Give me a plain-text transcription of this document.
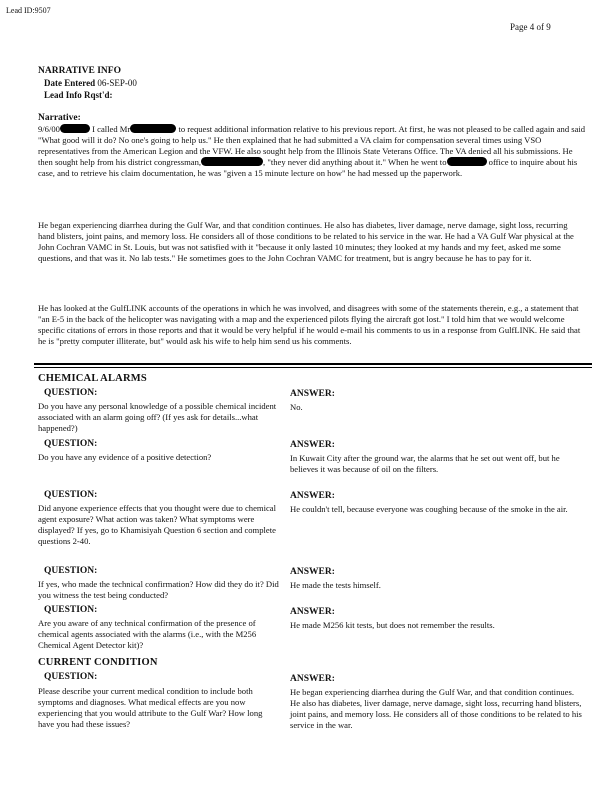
Lead ID:9507
Page 4 of 9
NARRATIVE INFO
Date Entered 06-SEP-00
Lead Info Rqst'd:
Narrative:
9/6/00	I called Mr	to request additional information relative to his previous report. At first, he was not pleased to be called again and said "What good will it do? No one's going to help us." He then explained that he had submitted a VA claim for compensation several times using VSO representatives from the American Legion and the VFW. He also sought help from the Illinois State Veterans Office. The VA denied all his submissions. He then sought help from his district congressman,	, "they never did anything about it." When he went to	office to inquire about his case, and to retrieve his claim documentation, he was "given a 15 minute lecture on how" he had messed up the paperwork.
He began experiencing diarrhea during the Gulf War, and that condition continues. He also has diabetes, liver damage, nerve damage, sight loss, recurring hand blisters, joint pains, and memory loss. He considers all of those conditions to be related to his service in the war. He had a VA Gulf War physical at the John Cochran VAMC in St. Louis, but was not satisfied with it "because it only lasted 10 minutes; they looked at my hands and my feet, asked me some questions, and that was it. No lab tests." He sometimes goes to the John Cochran VAMC for treatment, but is angry because he has to pay for it.
He has looked at the GulfLINK accounts of the operations in which he was involved, and disagrees with some of the statements therein, e.g., a statement that "an E-5 in the back of the helicopter was navigating with a map and the experienced pilots flying the aircraft got lost." I told him that we would welcome specific citations of errors in those reports and that it would be very helpful if he would e-mail his comments to us in a response from GulfLINK. He said that he is "pretty computer illiterate, but" would ask his wife to help him send us his comments.
CHEMICAL ALARMS
QUESTION:
Do you have any personal knowledge of a possible chemical incident associated with an alarm going off? (If yes ask for details...what happened?)
ANSWER:
No.
QUESTION:
Do you have any evidence of a positive detection?
ANSWER:
In Kuwait City after the ground war, the alarms that he set out went off, but he believes it was because of oil on the filters.
QUESTION:
Did anyone experience effects that you thought were due to chemical agent exposure? What action was taken? What symptoms were displayed? If yes, go to Khamisiyah Question 6 section and complete questions 2-40.
ANSWER:
He couldn't tell, because everyone was coughing because of the smoke in the air.
QUESTION:
If yes, who made the technical confirmation? How did they do it? Did you witness the test being conducted?
ANSWER:
He made the tests himself.
QUESTION:
Are you aware of any technical confirmation of the presence of chemical agents associated with the alarms (i.e., with the M256 Chemical Agent Detector kit)?
ANSWER:
He made M256 kit tests, but does not remember the results.
CURRENT CONDITION
QUESTION:
Please describe your current medical condition to include both symptoms and diagnoses. What medical effects are you now experiencing that you would attribute to the Gulf War? How long have you had these issues?
ANSWER:
He began experiencing diarrhea during the Gulf War, and that condition continues. He also has diabetes, liver damage, nerve damage, sight loss, recurring hand blisters, joint pains, and memory loss. He considers all of those conditions to be related to his service in the war.
